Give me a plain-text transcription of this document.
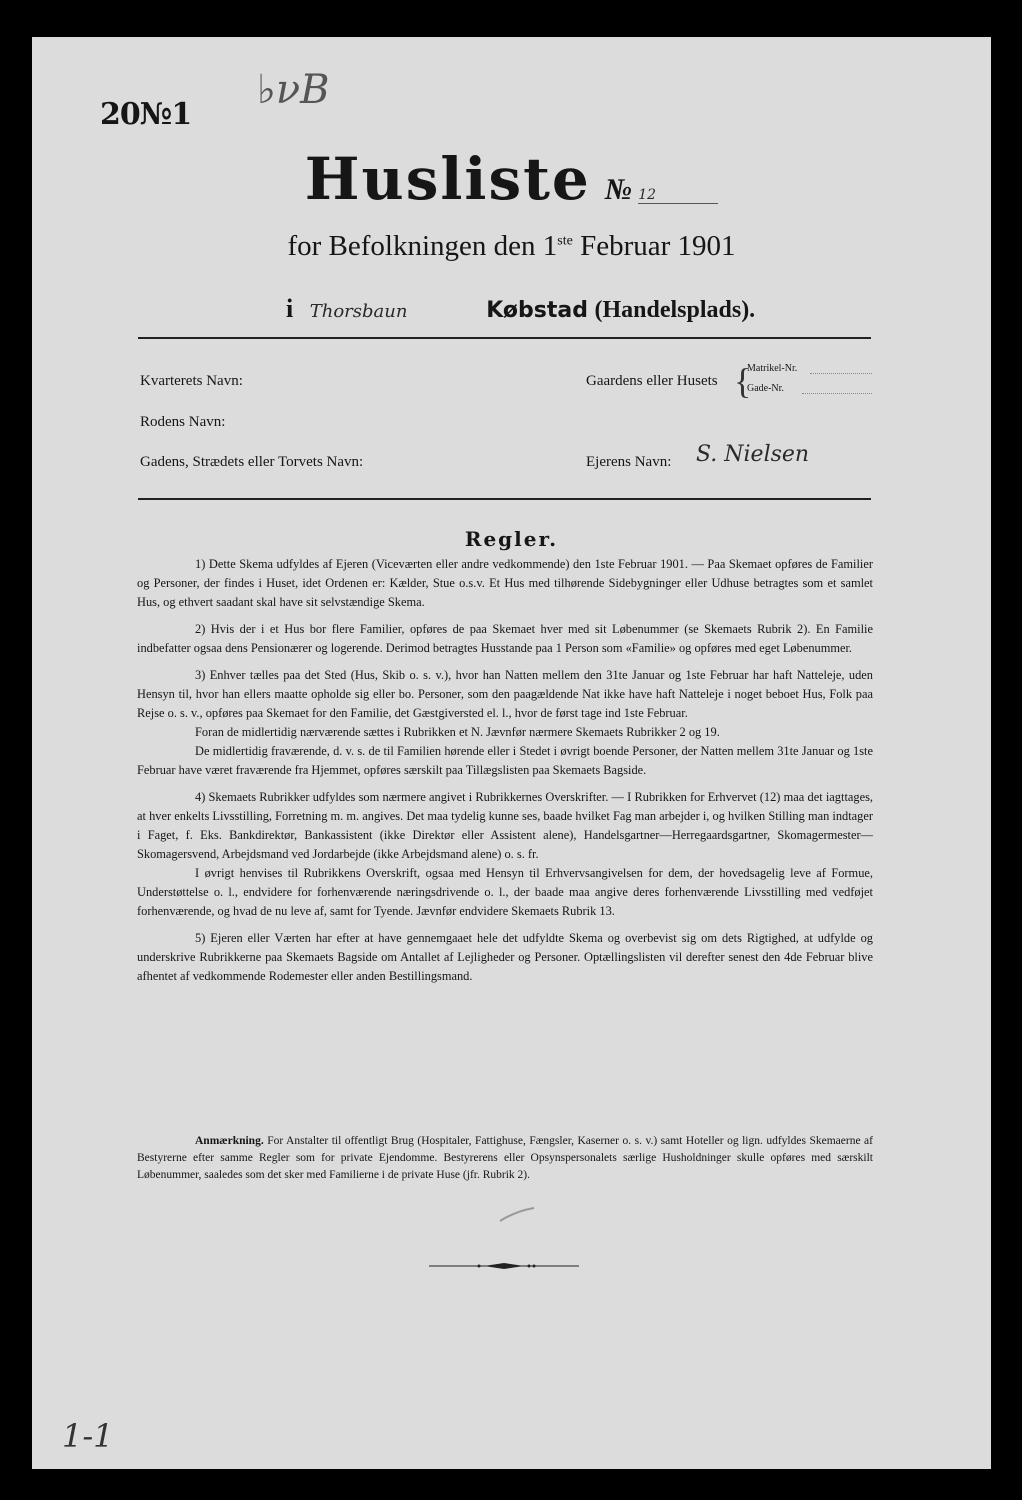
20№1
♭νΒ
Husliste № 12
for Befolkningen den 1ste Februar 1901
i Thorsbaun	Købstad (Handelsplads).
Kvarterets Navn:
Rodens Navn:
Gadens, Strædets eller Torvets Navn:
Gaardens eller Husets {
Matrikel-Nr.
Gade-Nr.
Ejerens Navn: S. Nielsen
Regler.

1) Dette Skema udfyldes af Ejeren (Viceværten eller andre vedkommende) den 1ste Februar 1901. — Paa Skemaet opføres de Familier og Personer, der findes i Huset, idet Ordenen er: Kælder, Stue o.s.v. Et Hus med tilhørende Sidebygninger eller Udhuse betragtes som et samlet Hus, og ethvert saadant skal have sit selvstændige Skema.

2) Hvis der i et Hus bor flere Familier, opføres de paa Skemaet hver med sit Løbenummer (se Skemaets Rubrik 2). En Familie indbefatter ogsaa dens Pensionærer og logerende. Derimod betragtes Husstande paa 1 Person som «Familie» og opføres med eget Løbenummer.

3) Enhver tælles paa det Sted (Hus, Skib o. s. v.), hvor han Natten mellem den 31te Januar og 1ste Februar har haft Natteleje, uden Hensyn til, hvor han ellers maatte opholde sig eller bo. Personer, som den paagældende Nat ikke have haft Natteleje i noget beboet Hus, Folk paa Rejse o. s. v., opføres paa Skemaet for den Familie, det Gæstgiversted el. l., hvor de først tage ind 1ste Februar.

Foran de midlertidig nærværende sættes i Rubrikken et N. Jævnfør nærmere Skemaets Rubrikker 2 og 19.

De midlertidig fraværende, d. v. s. de til Familien hørende eller i Stedet i øvrigt boende Personer, der Natten mellem 31te Januar og 1ste Februar have været fraværende fra Hjemmet, opføres særskilt paa Tillægslisten paa Skemaets Bagside.

4) Skemaets Rubrikker udfyldes som nærmere angivet i Rubrikkernes Overskrifter. — I Rubrikken for Erhvervet (12) maa det iagttages, at hver enkelts Livsstilling, Forretning m. m. angives. Det maa tydelig kunne ses, baade hvilket Fag man arbejder i, og hvilken Stilling man indtager i Faget, f. Eks. Bankdirektør, Bankassistent (ikke Direktør eller Assistent alene), Handelsgartner—Herregaardsgartner, Skomagermester—Skomagersvend, Arbejdsmand ved Jordarbejde (ikke Arbejdsmand alene) o. s. fr.

I øvrigt henvises til Rubrikkens Overskrift, ogsaa med Hensyn til Erhvervsangivelsen for dem, der hovedsagelig leve af Formue, Understøttelse o. l., endvidere for forhenværende næringsdrivende o. l., der baade maa angive deres forhenværende Livsstilling med vedføjet forhenværende, og hvad de nu leve af, samt for Tyende. Jævnfør endvidere Skemaets Rubrik 13.

5) Ejeren eller Værten har efter at have gennemgaaet hele det udfyldte Skema og overbevist sig om dets Rigtighed, at udfylde og underskrive Rubrikkerne paa Skemaets Bagside om Antallet af Lejligheder og Personer. Optællingslisten vil derefter senest den 4de Februar blive afhentet af vedkommende Rodemester eller anden Bestillingsmand.

Anmærkning. For Anstalter til offentligt Brug (Hospitaler, Fattighuse, Fængsler, Kaserner o. s. v.) samt Hoteller og lign. udfyldes Skemaerne af Bestyrerne efter samme Regler som for private Ejendomme. Bestyrerens eller Opsynspersonalets særlige Husholdninger skulle opføres med særskilt Løbenummer, saaledes som det sker med Familierne i de private Huse (jfr. Rubrik 2).
1-1
